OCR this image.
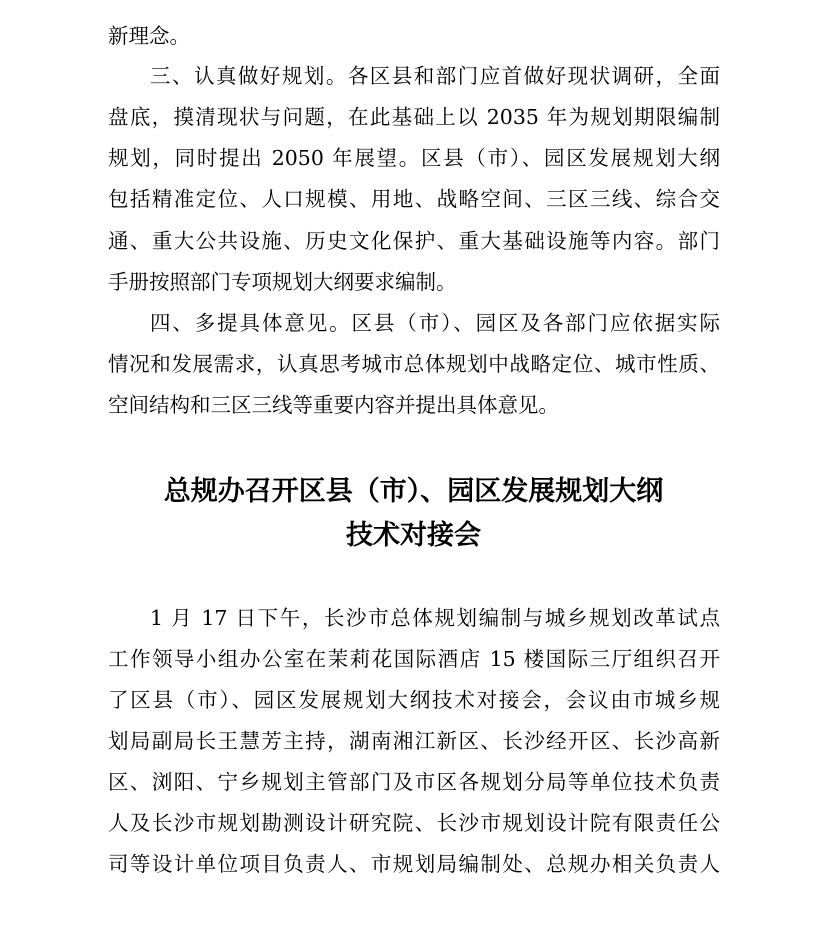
新理念。
三、认真做好规划。各区县和部门应首做好现状调研，全面
盘底，摸清现状与问题，在此基础上以 2035 年为规划期限编制
规划，同时提出 2050 年展望。区县（市）、园区发展规划大纲
包括精准定位、人口规模、用地、战略空间、三区三线、综合交
通、重大公共设施、历史文化保护、重大基础设施等内容。部门
手册按照部门专项规划大纲要求编制。
四、多提具体意见。区县（市）、园区及各部门应依据实际
情况和发展需求，认真思考城市总体规划中战略定位、城市性质、
空间结构和三区三线等重要内容并提出具体意见。
总规办召开区县（市）、园区发展规划大纲
技术对接会
1 月 17 日下午，长沙市总体规划编制与城乡规划改革试点
工作领导小组办公室在茉莉花国际酒店 15 楼国际三厅组织召开
了区县（市）、园区发展规划大纲技术对接会，会议由市城乡规
划局副局长王慧芳主持，湖南湘江新区、长沙经开区、长沙高新
区、浏阳、宁乡规划主管部门及市区各规划分局等单位技术负责
人及长沙市规划勘测设计研究院、长沙市规划设计院有限责任公
司等设计单位项目负责人、市规划局编制处、总规办相关负责人
